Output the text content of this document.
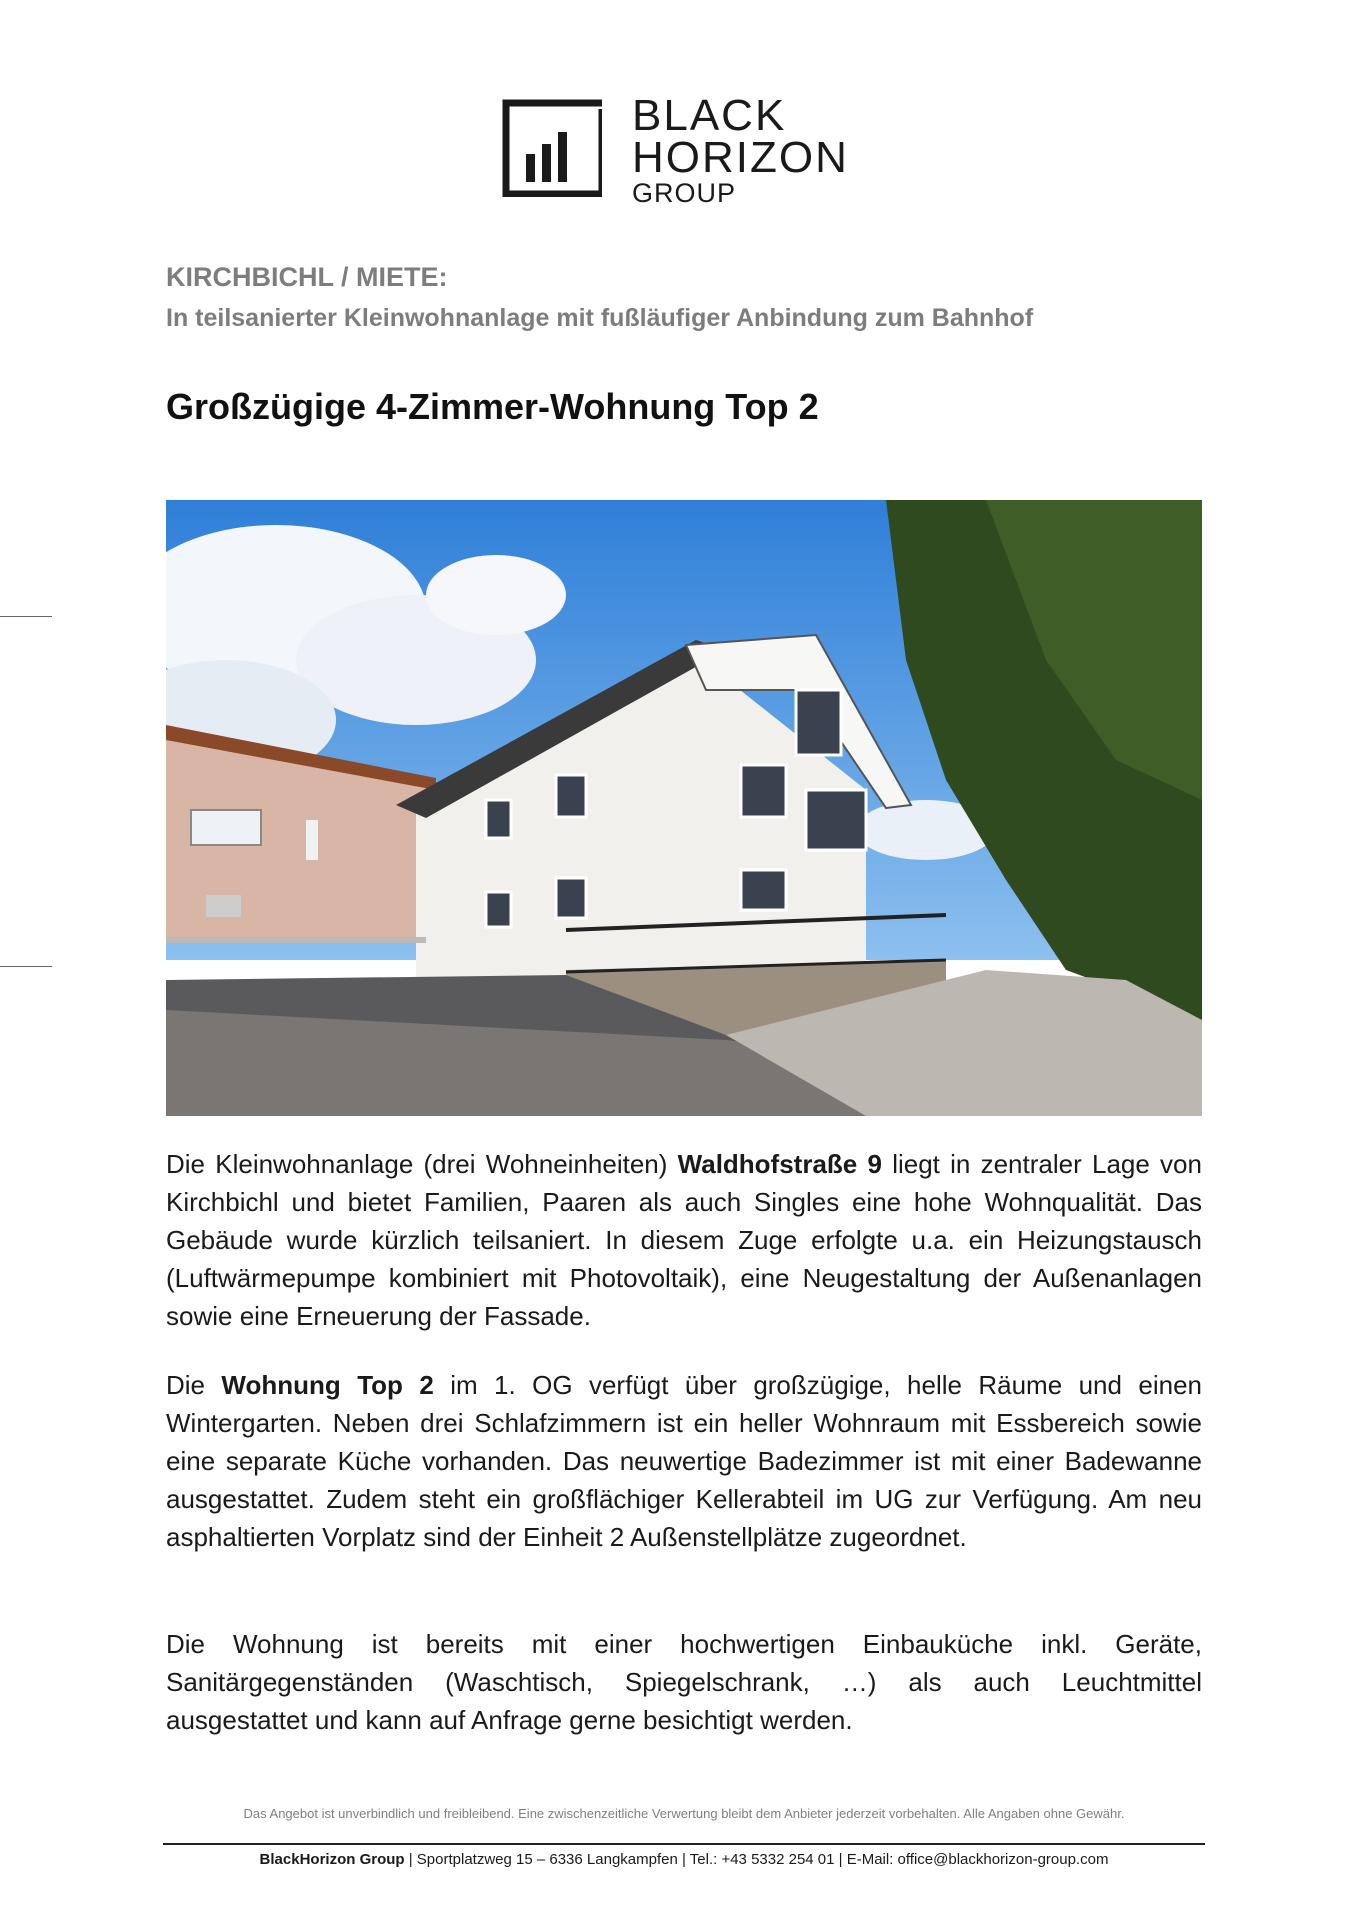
BLACK
HORIZON
GROUP
KIRCHBICHL / MIETE:
In teilsanierter Kleinwohnanlage mit fußläufiger Anbindung zum Bahnhof
Großzügige 4-Zimmer-Wohnung Top 2
Die Kleinwohnanlage (drei Wohneinheiten) Waldhofstraße 9 liegt in zentraler Lage von Kirchbichl und bietet Familien, Paaren als auch Singles eine hohe Wohnqualität. Das Gebäude wurde kürzlich teilsaniert. In diesem Zuge erfolgte u.a. ein Heizungstausch (Luftwärmepumpe kombiniert mit Photovoltaik), eine Neugestaltung der Außenanlagen sowie eine Erneuerung der Fassade.
Die Wohnung Top 2 im 1. OG verfügt über großzügige, helle Räume und einen Wintergarten. Neben drei Schlafzimmern ist ein heller Wohnraum mit Essbereich sowie eine separate Küche vorhanden. Das neuwertige Badezimmer ist mit einer Badewanne ausgestattet. Zudem steht ein großflächiger Kellerabteil im UG zur Verfügung. Am neu asphaltierten Vorplatz sind der Einheit 2 Außenstellplätze zugeordnet.
Die Wohnung ist bereits mit einer hochwertigen Einbauküche inkl. Geräte, Sanitärgegenständen (Waschtisch, Spiegelschrank, …) als auch Leuchtmittel ausgestattet und kann auf Anfrage gerne besichtigt werden.
Das Angebot ist unverbindlich und freibleibend. Eine zwischenzeitliche Verwertung bleibt dem Anbieter jederzeit vorbehalten. Alle Angaben ohne Gewähr.
BlackHorizon Group | Sportplatzweg 15 – 6336 Langkampfen | Tel.: +43 5332 254 01 | E-Mail: office@blackhorizon-group.com
